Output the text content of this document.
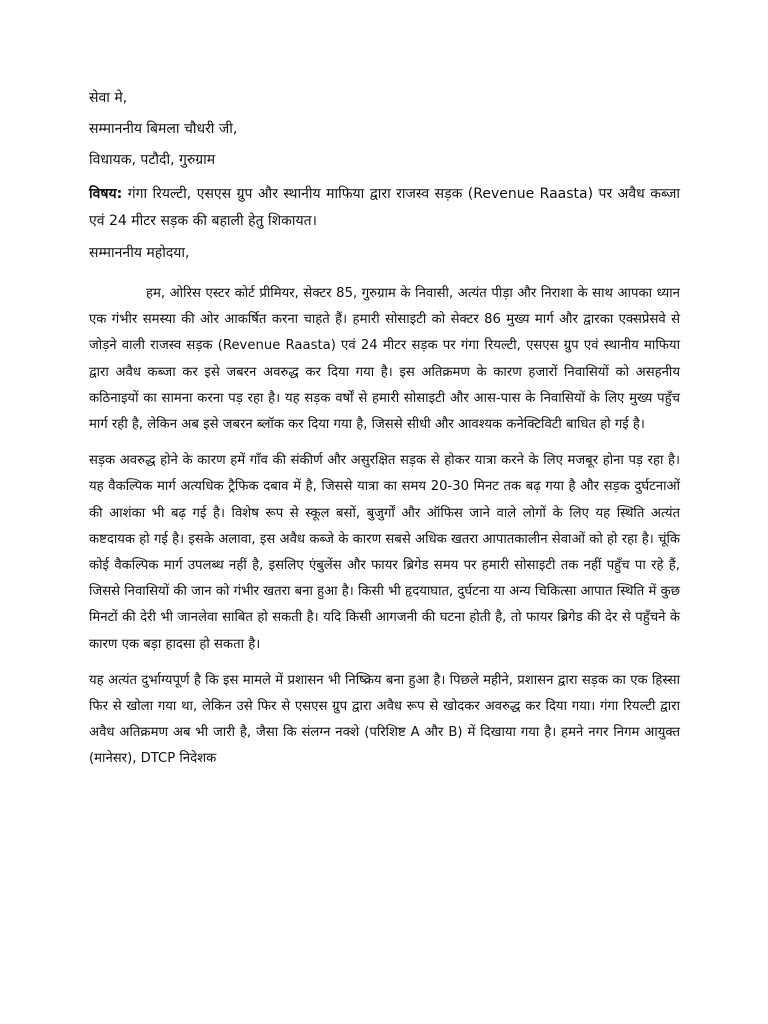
सेवा मे,
सम्माननीय बिमला चौधरी जी,
विधायक, पटौदी, गुरुग्राम
विषय: गंगा रियल्टी, एसएस ग्रुप और स्थानीय माफिया द्वारा राजस्व सड़क (Revenue Raasta) पर अवैध कब्जा एवं 24 मीटर सड़क की बहाली हेतु शिकायत।
सम्माननीय महोदया,

हम, ओरिस एस्टर कोर्ट प्रीमियर, सेक्टर 85, गुरुग्राम के निवासी, अत्यंत पीड़ा और निराशा के साथ आपका ध्यान एक गंभीर समस्या की ओर आकर्षित करना चाहते हैं। हमारी सोसाइटी को सेक्टर 86 मुख्य मार्ग और द्वारका एक्सप्रेसवे से जोड़ने वाली राजस्व सड़क (Revenue Raasta) एवं 24 मीटर सड़क पर गंगा रियल्टी, एसएस ग्रुप एवं स्थानीय माफिया द्वारा अवैध कब्जा कर इसे जबरन अवरुद्ध कर दिया गया है। इस अतिक्रमण के कारण हजारों निवासियों को असहनीय कठिनाइयों का सामना करना पड़ रहा है। यह सड़क वर्षों से हमारी सोसाइटी और आस-पास के निवासियों के लिए मुख्य पहुँच मार्ग रही है, लेकिन अब इसे जबरन ब्लॉक कर दिया गया है, जिससे सीधी और आवश्यक कनेक्टिविटी बाधित हो गई है।

सड़क अवरुद्ध होने के कारण हमें गाँव की संकीर्ण और असुरक्षित सड़क से होकर यात्रा करने के लिए मजबूर होना पड़ रहा है। यह वैकल्पिक मार्ग अत्यधिक ट्रैफिक दबाव में है, जिससे यात्रा का समय 20-30 मिनट तक बढ़ गया है और सड़क दुर्घटनाओं की आशंका भी बढ़ गई है। विशेष रूप से स्कूल बसों, बुजुर्गों और ऑफिस जाने वाले लोगों के लिए यह स्थिति अत्यंत कष्टदायक हो गई है। इसके अलावा, इस अवैध कब्जे के कारण सबसे अधिक खतरा आपातकालीन सेवाओं को हो रहा है। चूंकि कोई वैकल्पिक मार्ग उपलब्ध नहीं है, इसलिए एंबुलेंस और फायर ब्रिगेड समय पर हमारी सोसाइटी तक नहीं पहुँच पा रहे हैं, जिससे निवासियों की जान को गंभीर खतरा बना हुआ है। किसी भी हृदयाघात, दुर्घटना या अन्य चिकित्सा आपात स्थिति में कुछ मिनटों की देरी भी जानलेवा साबित हो सकती है। यदि किसी आगजनी की घटना होती है, तो फायर ब्रिगेड की देर से पहुँचने के कारण एक बड़ा हादसा हो सकता है।

यह अत्यंत दुर्भाग्यपूर्ण है कि इस मामले में प्रशासन भी निष्क्रिय बना हुआ है। पिछले महीने, प्रशासन द्वारा सड़क का एक हिस्सा फिर से खोला गया था, लेकिन उसे फिर से एसएस ग्रुप द्वारा अवैध रूप से खोदकर अवरुद्ध कर दिया गया। गंगा रियल्टी द्वारा अवैध अतिक्रमण अब भी जारी है, जैसा कि संलग्न नक्शे (परिशिष्ट A और B) में दिखाया गया है। हमने नगर निगम आयुक्त (मानेसर), DTCP निदेशक
